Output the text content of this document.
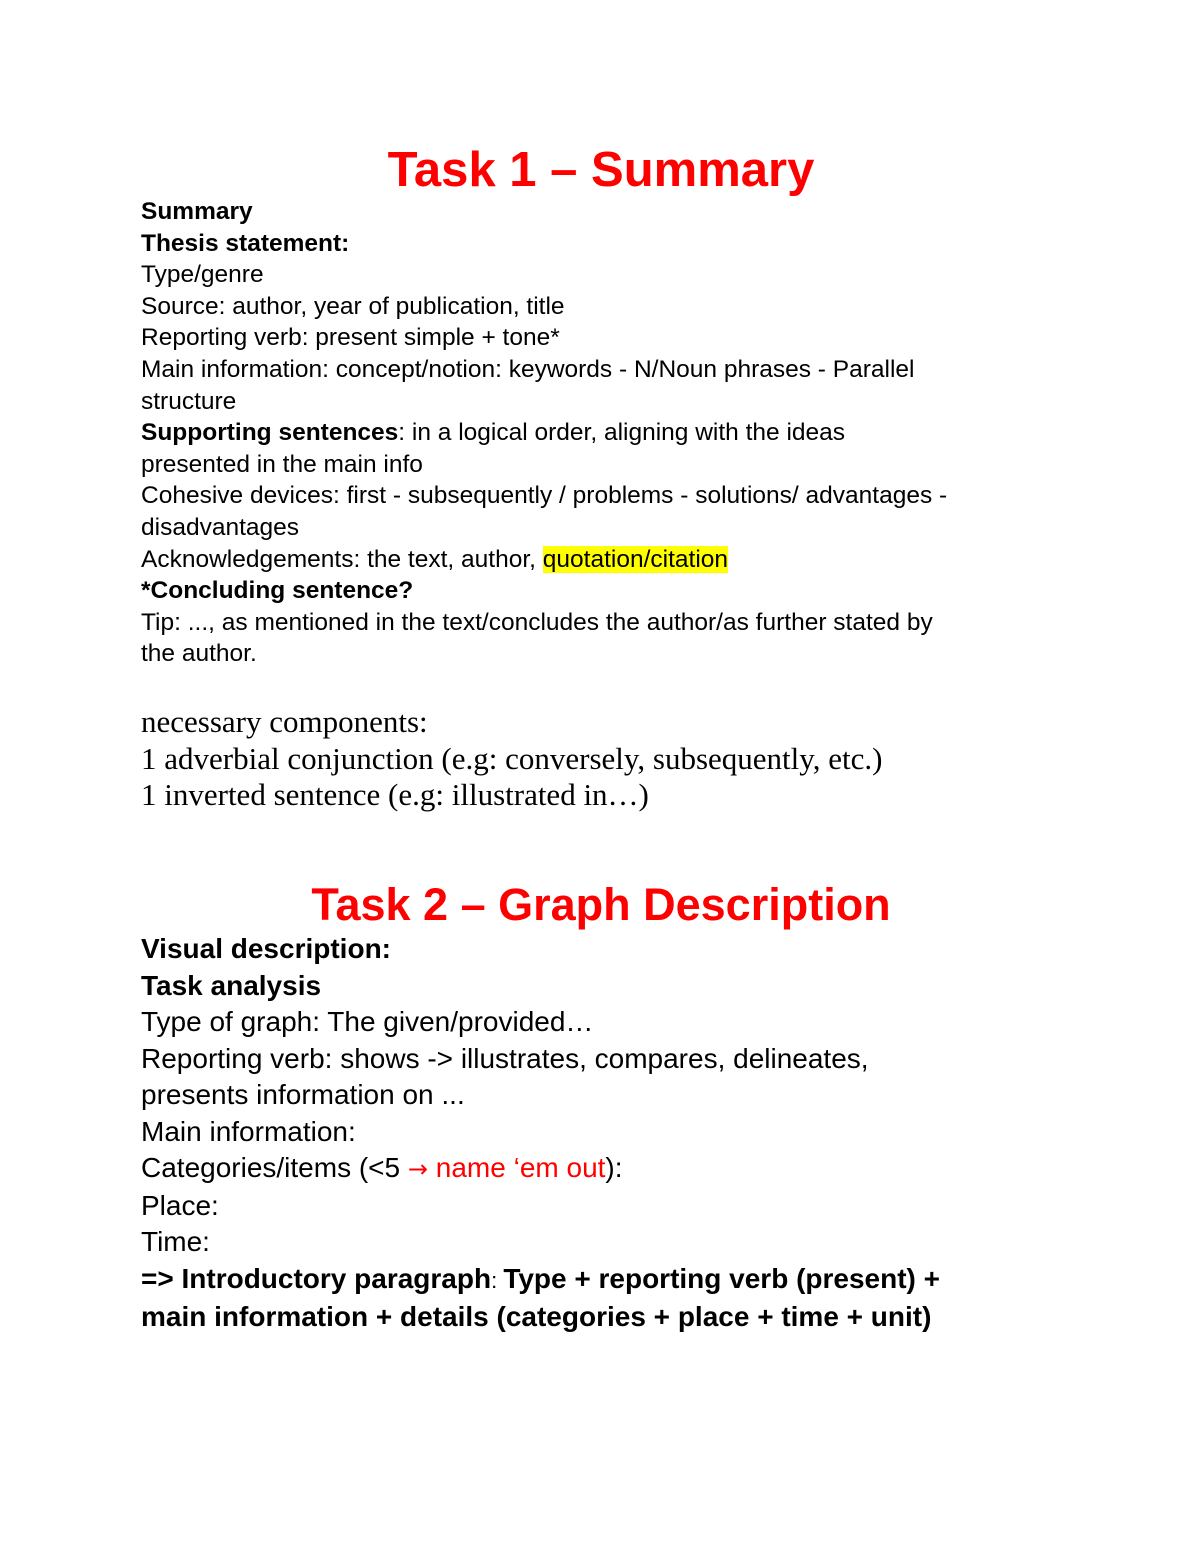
Task 1 – Summary

Summary

Thesis statement:

Type/genre

Source: author, year of publication, title

Reporting verb: present simple + tone*

Main information: concept/notion: keywords - N/Noun phrases - Parallel

structure

Supporting sentences: in a logical order, aligning with the ideas

presented in the main info

Cohesive devices: first - subsequently / problems - solutions/ advantages -

disadvantages

Acknowledgements: the text, author, quotation/citation

*Concluding sentence?

Tip: ..., as mentioned in the text/concludes the author/as further stated by

the author.

necessary components:

1 adverbial conjunction (e.g: conversely, subsequently, etc.)

1 inverted sentence (e.g: illustrated in…)

Task 2 – Graph Description

Visual description:

Task analysis

Type of graph: The given/provided…

Reporting verb: shows -> illustrates, compares, delineates,

presents information on ...

Main information:

Categories/items (<5 → name ‘em out):

Place:

Time:

=> Introductory paragraph: Type + reporting verb (present) +

main information + details (categories + place + time + unit)
